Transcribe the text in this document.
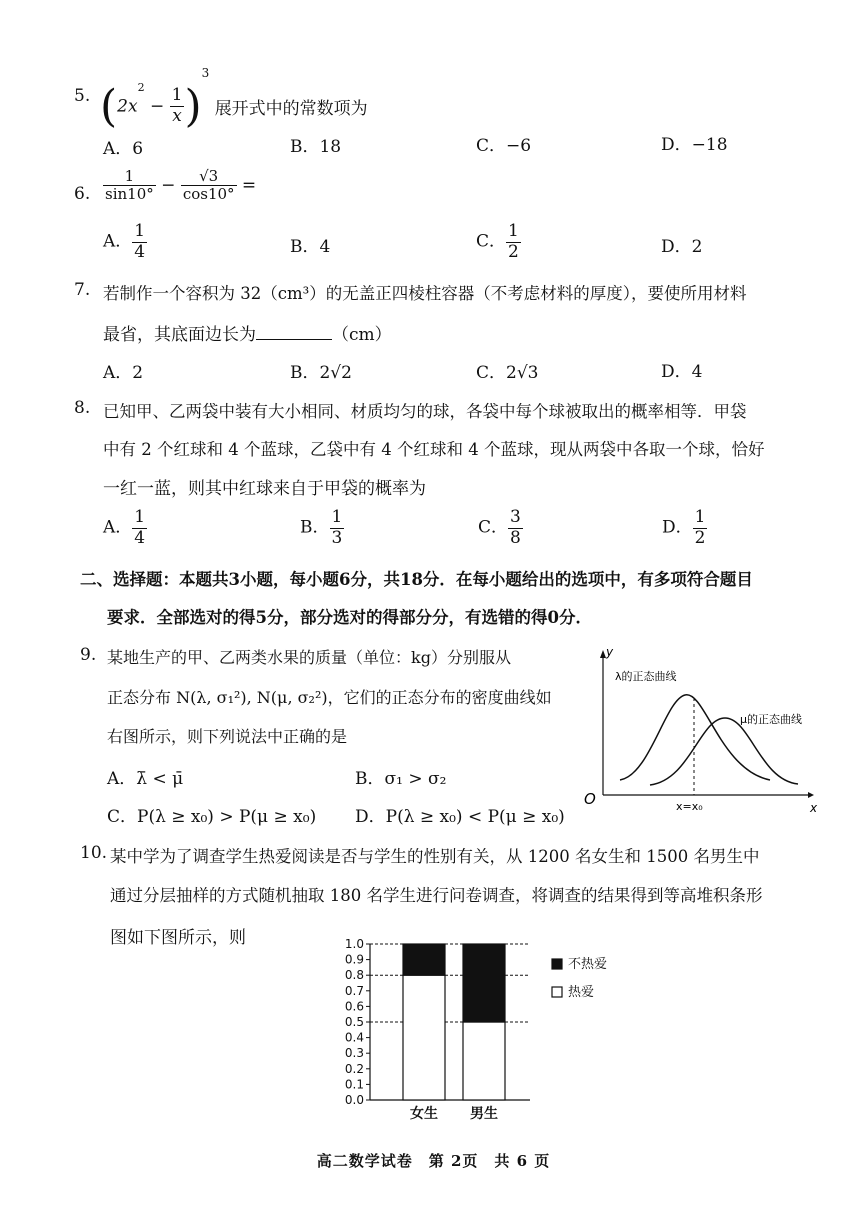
5. $(2x^2 - \frac{1}{x} )^3$ 展开式中的常数项为
A．6	B．18	C．−6	D．−18
6. $\frac{1}{\sin 10^\circ} - \frac{√3}{\cos 10^\circ}$ =
A． $\frac{1}{4}$	B．4	C． $\frac{1}{2}$	D．2
7. 若制作一个容积为 32（cm³）的无盖正四棱柱容器（不考虑材料的厚度），要使所用材料
最省，其底面边长为	（cm）
A．2	B．2√2	C．2√3	D．4
8. 已知甲、乙两袋中装有大小相同、材质均匀的球，各袋中每个球被取出的概率相等．甲袋
中有 2 个红球和 4 个蓝球，乙袋中有 4 个红球和 4 个蓝球，现从两袋中各取一个球，恰好
一红一蓝，则其中红球来自于甲袋的概率为
A． $\frac{1}{4}$	B． $\frac{1}{3}$	C． $\frac{3}{8}$	D． $\frac{1}{2}$
二、选择题：本题共3小题，每小题6分，共18分．在每小题给出的选项中，有多项符合题目
要求．全部选对的得5分，部分选对的得部分分，有选错的得0分．
9. 某地生产的甲、乙两类水果的质量（单位：kg）分别服从
正态分布 N(λ, σ₁²), N(μ, σ₂²)，它们的正态分布的密度曲线如
右图所示，则下列说法中正确的是
A．λ̄ < μ̄	B．σ₁ > σ₂
C．P(λ ≥ x₀) > P(μ ≥ x₀) D．P(λ ≥ x₀) < P(μ ≥ x₀)
y
x
O
λ的正态曲线
μ的正态曲线
x=x₀
10. 某中学为了调查学生热爱阅读是否与学生的性别有关，从 1200 名女生和 1500 名男生中
通过分层抽样的方式随机抽取 180 名学生进行问卷调查，将调查的结果得到等高堆积条形
图如下图所示，则
0.0
0.1
0.2
0.3
0.4
0.5
0.6
0.7
0.8
0.9
1.0
女生 男生
不热爱
热爱
高二数学试卷　第 2页　共 6 页
